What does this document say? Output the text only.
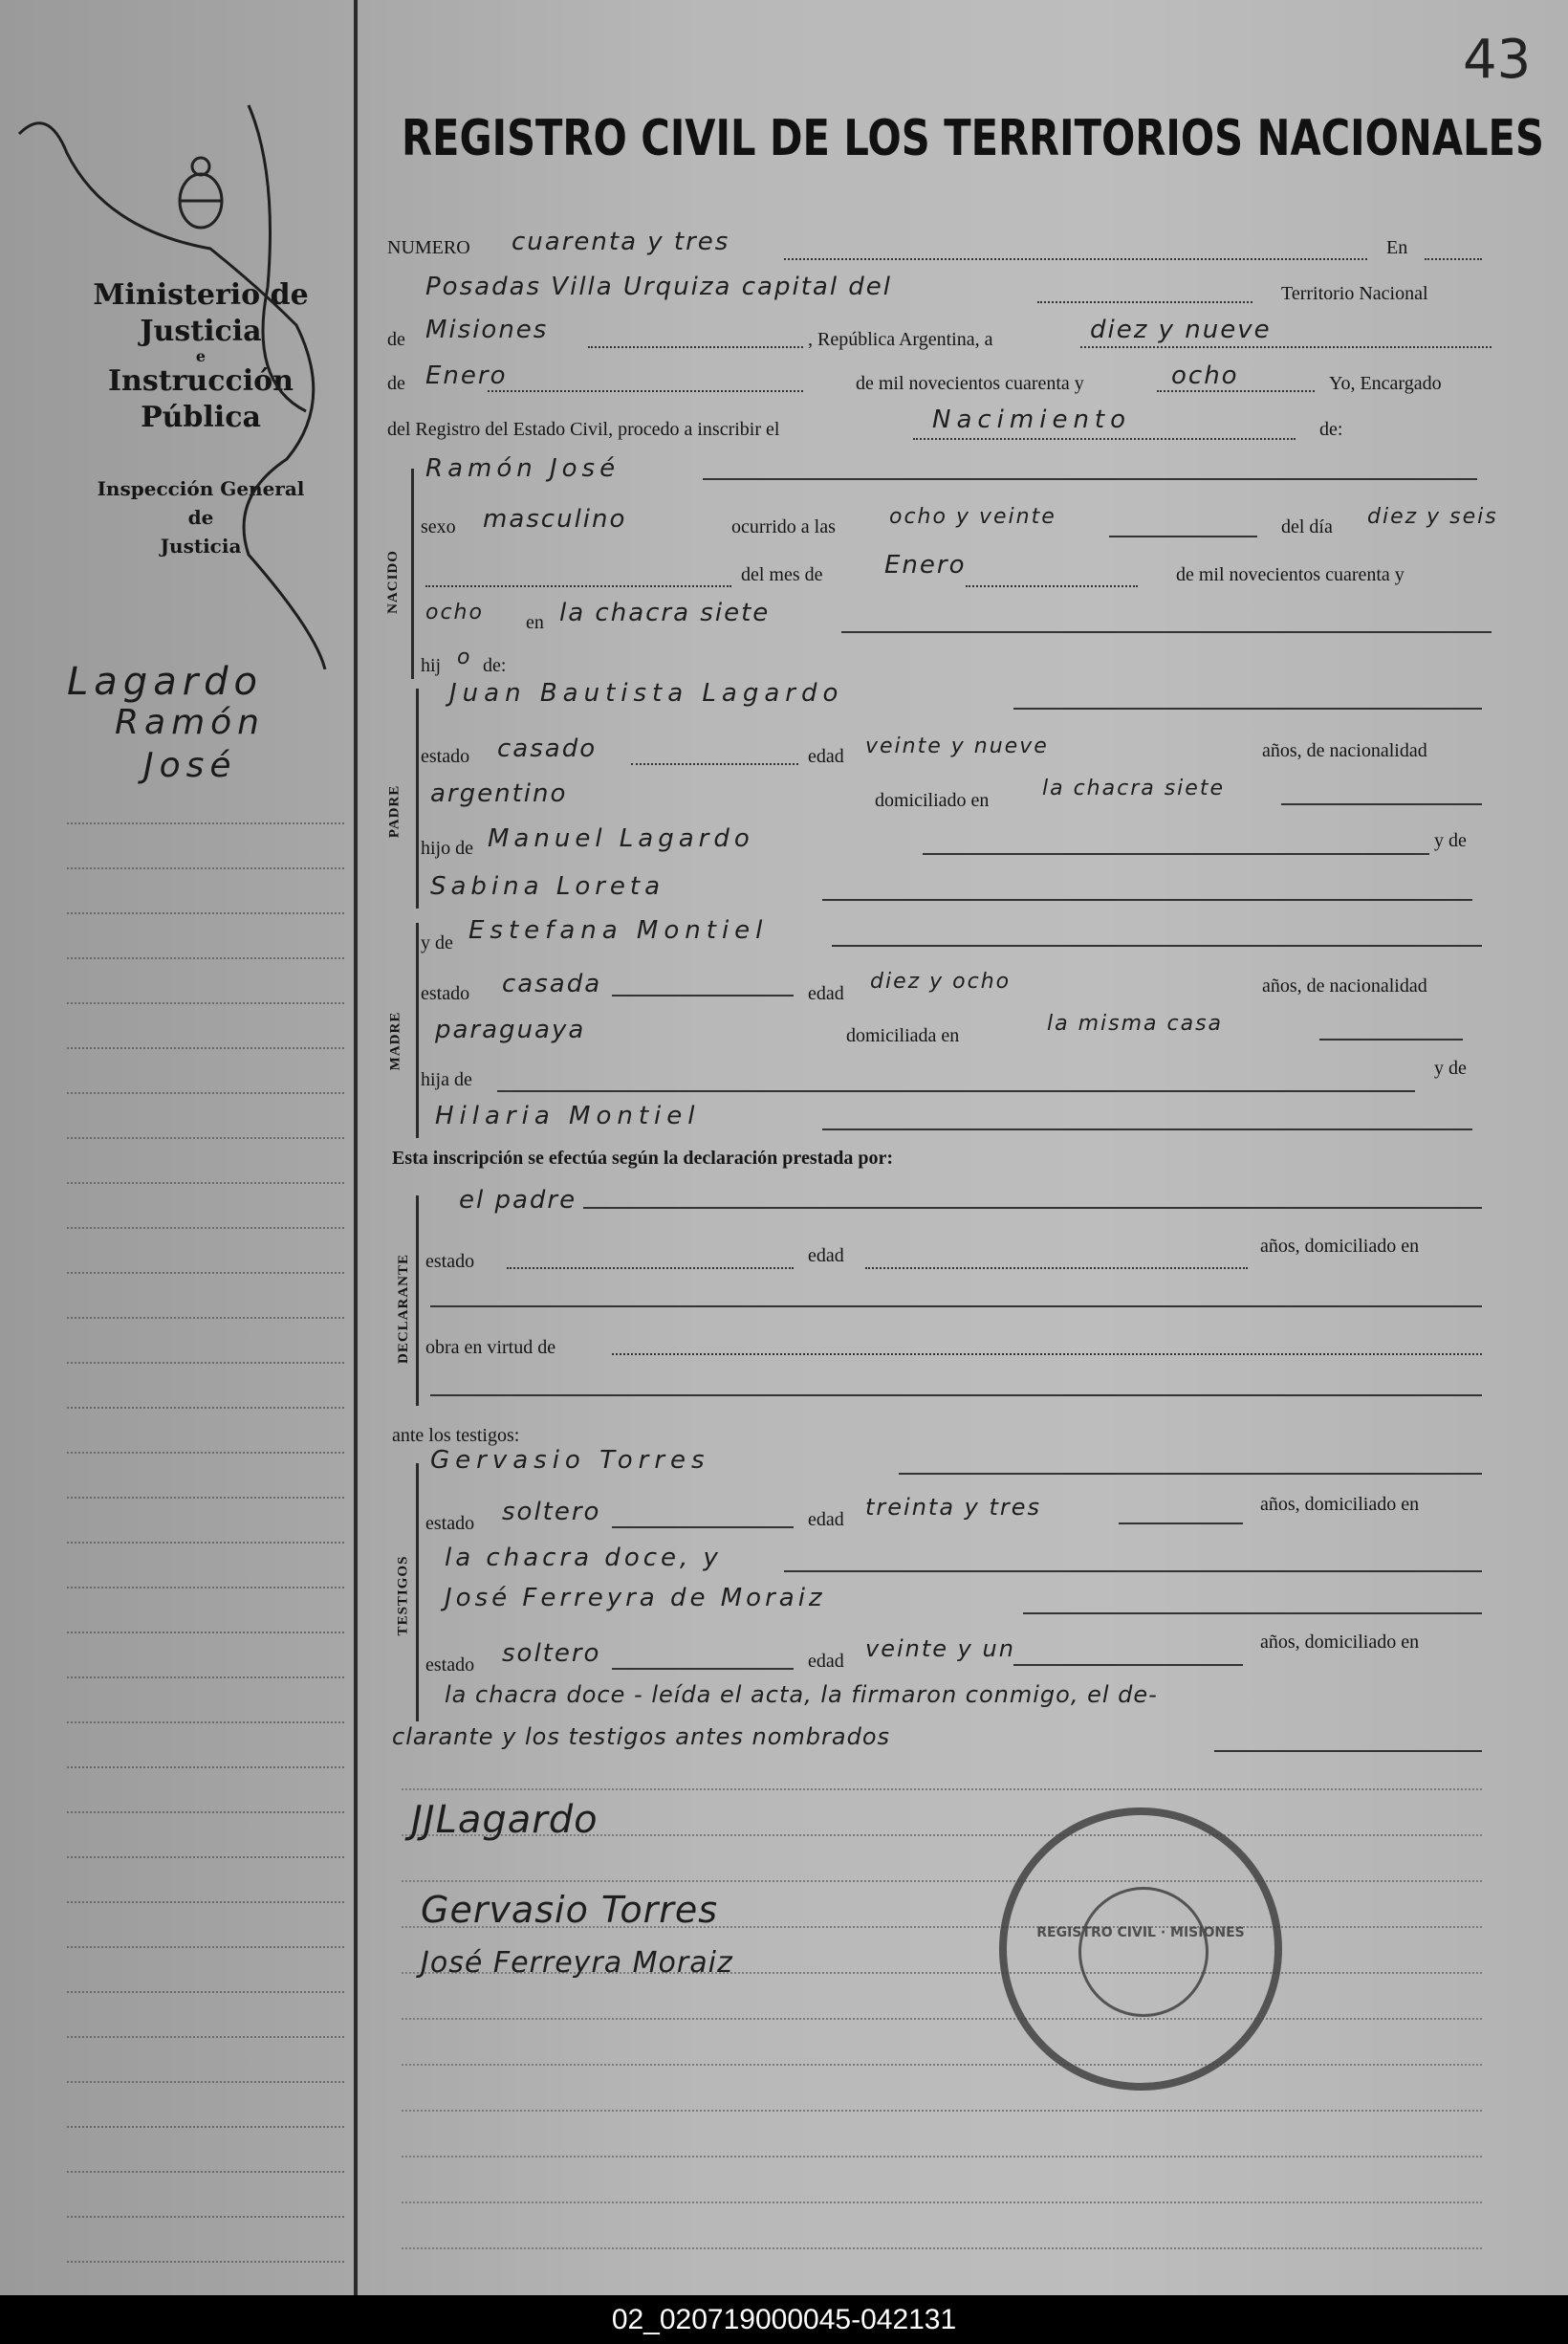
Ministerio de Justicia
e
Instrucción Pública
Inspección General
de
Justicia
Lagardo
Ramón
José
43
REGISTRO CIVIL DE LOS TERRITORIOS NACIONALES
NUMERO cuarenta y tres	En
Posadas Villa Urquiza capital del	Territorio Nacional
de Misiones	, República Argentina, a	diez y nueve
de Enero	de mil novecientos cuarenta y	ocho	Yo, Encargado
del Registro del Estado Civil, procedo a inscribir el	Nacimiento	de:
NACIDO
Ramón José
sexo masculino	ocurrido a las	ocho y veinte	del día diez y seis
del mes de Enero	de mil novecientos cuarenta y
ocho en la chacra siete
hij o de:
PADRE
Juan Bautista Lagardo
estado casado	edad veinte y nueve	años, de nacionalidad
argentino	domiciliado en	la chacra siete
hijo de Manuel Lagardo	y de
Sabina Loreta
MADRE
y de Estefana Montiel
estado casada	edad diez y ocho	años, de nacionalidad
paraguaya	domiciliada en	la misma casa
hija de
y de
Hilaria Montiel
Esta inscripción se efectúa según la declaración prestada por:
DECLARANTE
el padre
estado	edad	años, domiciliado en
obra en virtud de
ante los testigos:
TESTIGOS
Gervasio Torres
estado soltero	edad treinta y tres	años, domiciliado en
la chacra doce, y
José Ferreyra de Moraiz
estado soltero	edad veinte y un	años, domiciliado en
la chacra doce - leída el acta, la firmaron conmigo, el de-
clarante y los testigos antes nombrados
JJLagardo
Gervasio Torres
José Ferreyra Moraiz
REGISTRO CIVIL · MISIONES
02_020719000045-042131
